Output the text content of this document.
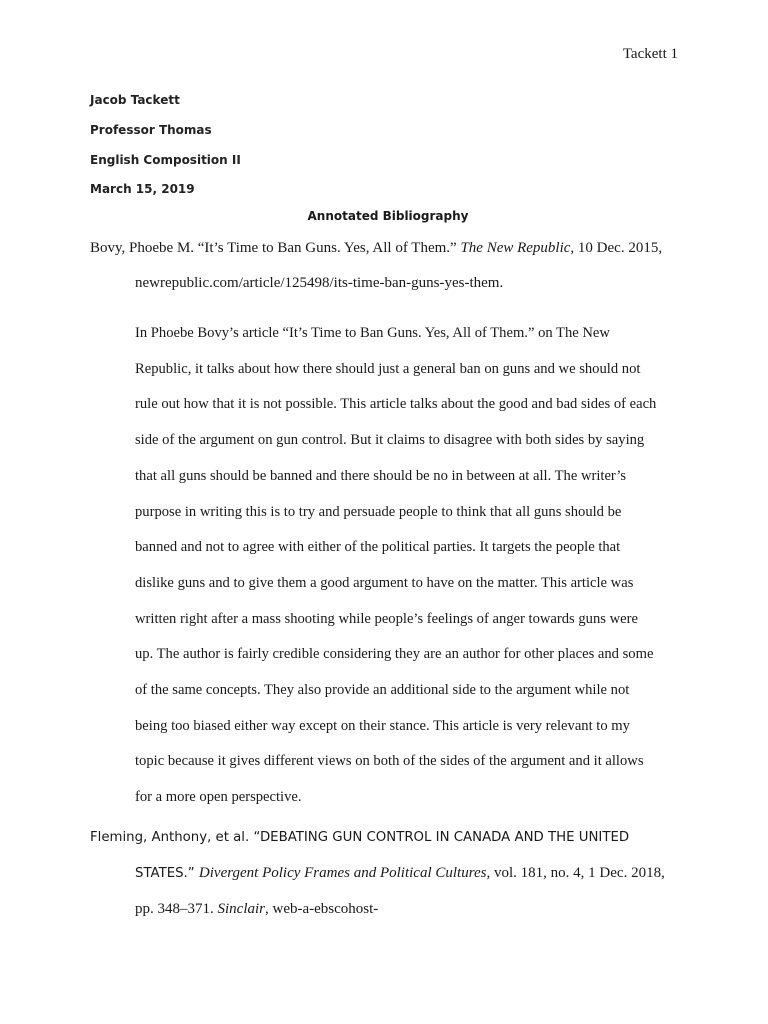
Tackett 1
Jacob Tackett
Professor Thomas
English Composition II
March 15, 2019
Annotated Bibliography
Bovy, Phoebe M. “It’s Time to Ban Guns. Yes, All of Them.” The New Republic, 10 Dec. 2015,
newrepublic.com/article/125498/its-time-ban-guns-yes-them.
In Phoebe Bovy’s article “It’s Time to Ban Guns. Yes, All of Them.” on The New
Republic, it talks about how there should just a general ban on guns and we should not
rule out how that it is not possible. This article talks about the good and bad sides of each
side of the argument on gun control. But it claims to disagree with both sides by saying
that all guns should be banned and there should be no in between at all. The writer’s
purpose in writing this is to try and persuade people to think that all guns should be
banned and not to agree with either of the political parties. It targets the people that
dislike guns and to give them a good argument to have on the matter. This article was
written right after a mass shooting while people’s feelings of anger towards guns were
up. The author is fairly credible considering they are an author for other places and some
of the same concepts. They also provide an additional side to the argument while not
being too biased either way except on their stance. This article is very relevant to my
topic because it gives different views on both of the sides of the argument and it allows
for a more open perspective.
Fleming, Anthony, et al. “DEBATING GUN CONTROL IN CANADA AND THE UNITED
STATES.” Divergent Policy Frames and Political Cultures, vol. 181, no. 4, 1 Dec. 2018,
pp. 348–371. Sinclair, web-a-ebscohost-
